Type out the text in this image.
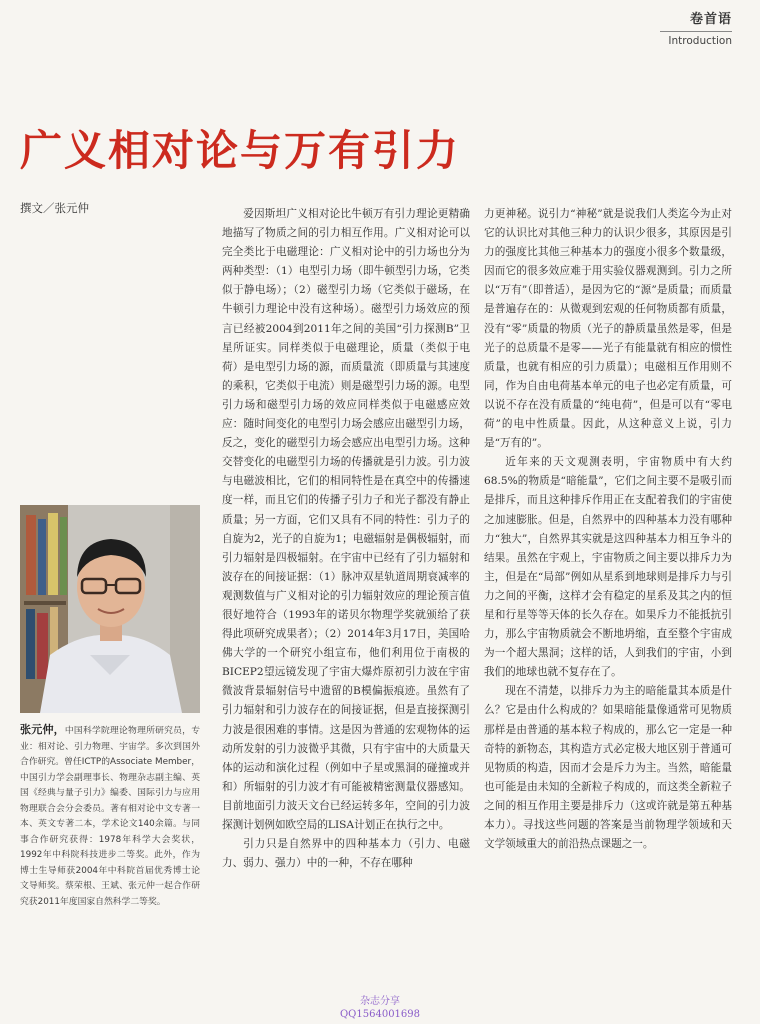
卷首语
Introduction
广义相对论与万有引力
撰文／张元仲
张元仲，中国科学院理论物理所研究员，专业：相对论、引力物理、宇宙学。多次到国外合作研究。曾任ICTP的Associate Member，中国引力学会副理事长、物理杂志副主编、英国《经典与量子引力》编委、国际引力与应用物理联合会分会委员。著有相对论中文专著一本、英文专著二本，学术论文140余篇。与同事合作研究获得：1978年科学大会奖状，1992年中科院科技进步二等奖。此外，作为博士生导师获2004年中科院首届优秀博士论文导师奖。蔡荣根、王斌、张元仲一起合作研究获2011年度国家自然科学二等奖。

爱因斯坦广义相对论比牛顿万有引力理论更精确地描写了物质之间的引力相互作用。广义相对论可以完全类比于电磁理论：广义相对论中的引力场也分为两种类型：（1）电型引力场（即牛顿型引力场，它类似于静电场）；（2）磁型引力场（它类似于磁场，在牛顿引力理论中没有这种场）。磁型引力场效应的预言已经被2004到2011年之间的美国“引力探测B”卫星所证实。同样类似于电磁理论，质量（类似于电荷）是电型引力场的源，而质量流（即质量与其速度的乘积，它类似于电流）则是磁型引力场的源。电型引力场和磁型引力场的效应同样类似于电磁感应效应：随时间变化的电型引力场会感应出磁型引力场，反之，变化的磁型引力场会感应出电型引力场。这种交替变化的电磁型引力场的传播就是引力波。引力波与电磁波相比，它们的相同特性是在真空中的传播速度一样，而且它们的传播子引力子和光子都没有静止质量；另一方面，它们又具有不同的特性：引力子的自旋为2，光子的自旋为1；电磁辐射是偶极辐射，而引力辐射是四极辐射。在宇宙中已经有了引力辐射和波存在的间接证据：（1）脉冲双星轨道周期衰减率的观测数值与广义相对论的引力辐射效应的理论预言值很好地符合（1993年的诺贝尔物理学奖就颁给了获得此项研究成果者）；（2）2014年3月17日，美国哈佛大学的一个研究小组宣布，他们利用位于南极的BICEP2望远镜发现了宇宙大爆炸原初引力波在宇宙微波背景辐射信号中遗留的B模偏振痕迹。虽然有了引力辐射和引力波存在的间接证据，但是直接探测引力波是很困难的事情。这是因为普通的宏观物体的运动所发射的引力波微乎其微，只有宇宙中的大质量天体的运动和演化过程（例如中子星或黑洞的碰撞或并和）所辐射的引力波才有可能被精密测量仪器感知。目前地面引力波天文台已经运转多年，空间的引力波探测计划例如欧空局的LISA计划正在执行之中。

引力只是自然界中的四种基本力（引力、电磁力、弱力、强力）中的一种，不存在哪种

力更神秘。说引力“神秘”就是说我们人类迄今为止对它的认识比对其他三种力的认识少很多，其原因是引力的强度比其他三种基本力的强度小很多个数量级，因而它的很多效应难于用实验仪器观测到。引力之所以“万有”（即普适），是因为它的“源”是质量；而质量是普遍存在的：从微观到宏观的任何物质都有质量，没有“零”质量的物质（光子的静质量虽然是零，但是光子的总质量不是零——光子有能量就有相应的惯性质量，也就有相应的引力质量）；电磁相互作用则不同，作为自由电荷基本单元的电子也必定有质量，可以说不存在没有质量的“纯电荷”，但是可以有“零电荷”的电中性质量。因此，从这种意义上说，引力是“万有的”。

近年来的天文观测表明，宇宙物质中有大约68.5%的物质是“暗能量”，它们之间主要不是吸引而是排斥，而且这种排斥作用正在支配着我们的宇宙使之加速膨胀。但是，自然界中的四种基本力没有哪种力“独大”，自然界其实就是这四种基本力相互争斗的结果。虽然在宇观上，宇宙物质之间主要以排斥力为主，但是在“局部”例如从星系到地球则是排斥力与引力之间的平衡，这样才会有稳定的星系及其之内的恒星和行星等等天体的长久存在。如果斥力不能抵抗引力，那么宇宙物质就会不断地坍缩，直至整个宇宙成为一个超大黑洞；这样的话，人到我们的宇宙，小到我们的地球也就不复存在了。

现在不清楚，以排斥力为主的暗能量其本质是什么？它是由什么构成的？如果暗能量像通常可见物质那样是由普通的基本粒子构成的，那么它一定是一种奇特的新物态，其构造方式必定极大地区别于普通可见物质的构造，因而才会是斥力为主。当然，暗能量也可能是由未知的全新粒子构成的，而这类全新粒子之间的相互作用主要是排斥力（这或许就是第五种基本力）。寻找这些问题的答案是当前物理学领域和天文学领域重大的前沿热点课题之一。

杂志分享
QQ1564001698
